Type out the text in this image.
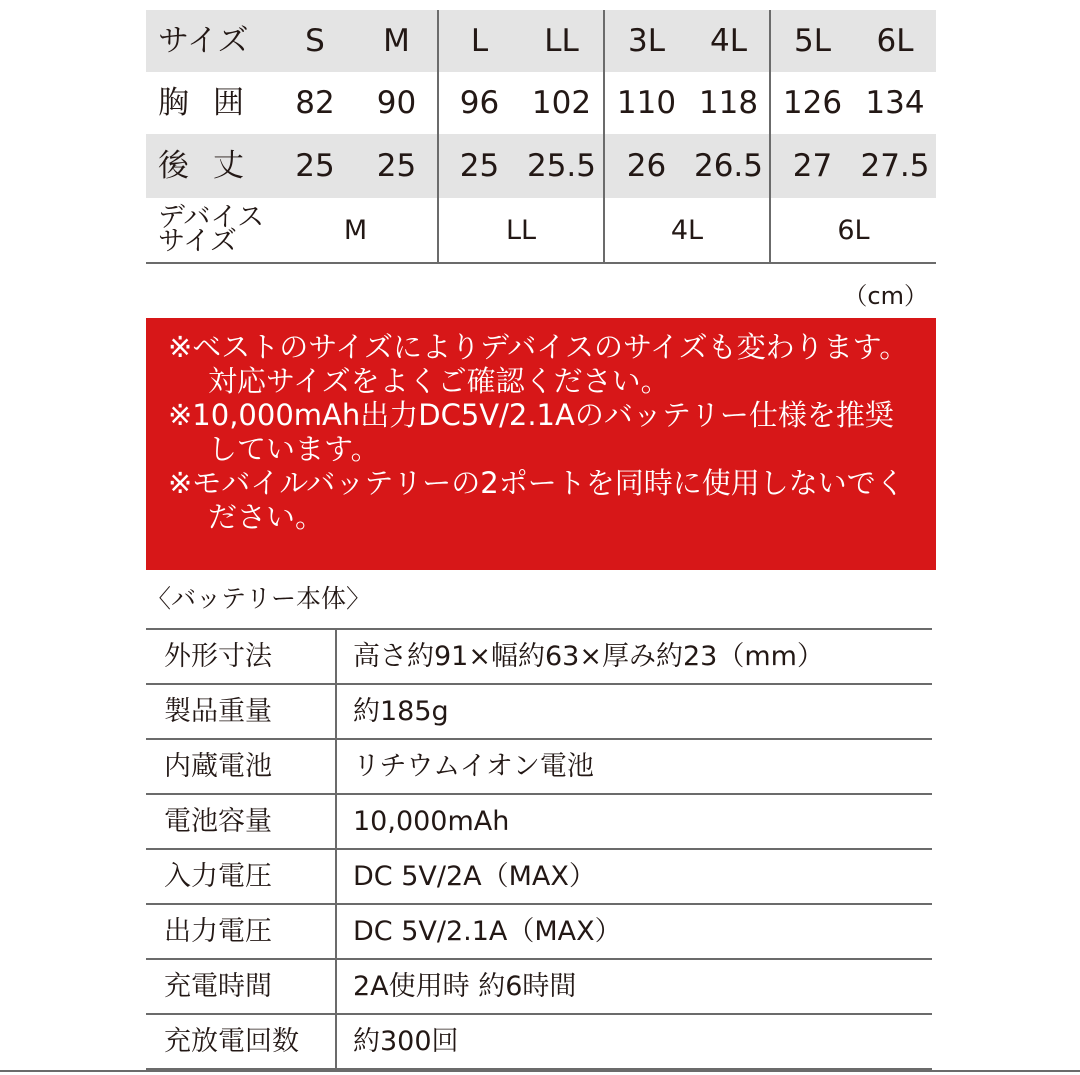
サイズ	S	M	L	LL	3L	4L	5L	6L
胸囲	82	90	96	102	110	118	126	134
後丈	25	25	25	25.5	26	26.5	27	27.5
デバイス
サイズ	M		LL		4L		6L	
（cm）
※ベストのサイズによりデバイスのサイズも変わります。対応サイズをよくご確認ください。
※10,000mAh出力DC5V/2.1Aのバッテリー仕様を推奨しています。
※モバイルバッテリーの2ポートを同時に使用しないでください。
〈バッテリー本体〉
外形寸法	高さ約91×幅約63×厚み約23（mm）
製品重量	約185g
内蔵電池	リチウムイオン電池
電池容量	10,000mAh
入力電圧	DC 5V/2A（MAX）
出力電圧	DC 5V/2.1A（MAX）
充電時間	2A使用時 約6時間
充放電回数	約300回
